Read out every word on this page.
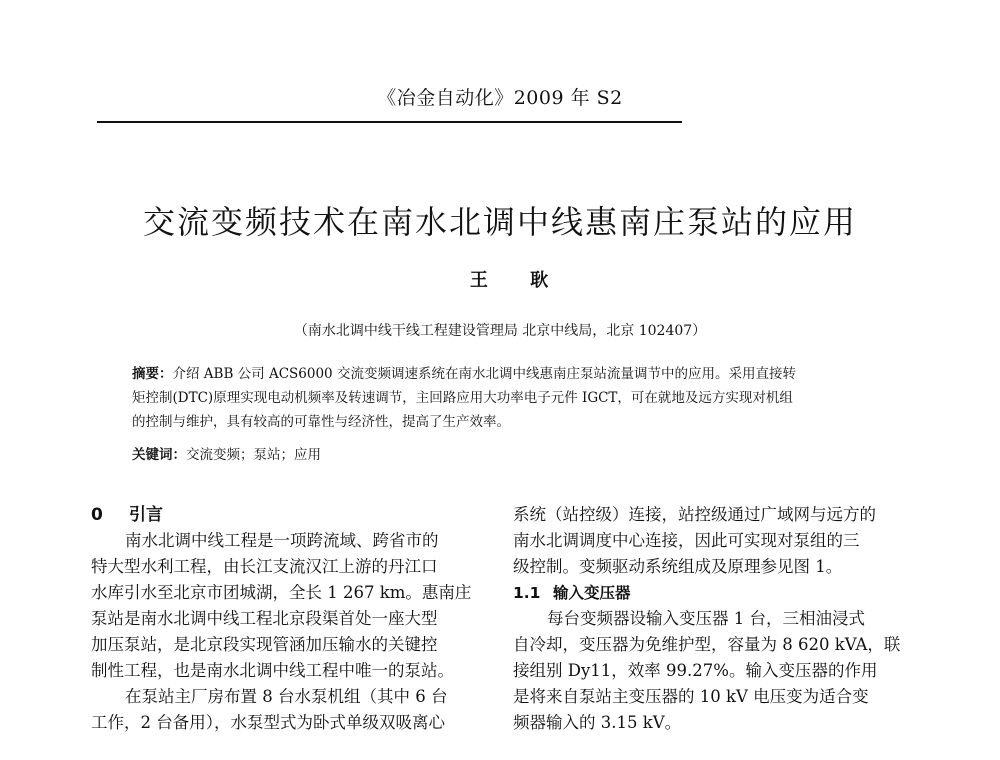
《冶金自动化》2009 年 S2
交流变频技术在南水北调中线惠南庄泵站的应用
王 耿
（南水北调中线干线工程建设管理局 北京中线局，北京 102407）
摘要：介绍 ABB 公司 ACS6000 交流变频调速系统在南水北调中线惠南庄泵站流量调节中的应用。采用直接转
矩控制(DTC)原理实现电动机频率及转速调节，主回路应用大功率电子元件 IGCT，可在就地及远方实现对机组
的控制与维护，具有较高的可靠性与经济性，提高了生产效率。
关键词：交流变频；泵站；应用
0 引言
南水北调中线工程是一项跨流域、跨省市的
特大型水利工程，由长江支流汉江上游的丹江口
水库引水至北京市团城湖，全长 1 267 km。惠南庄
泵站是南水北调中线工程北京段渠首处一座大型
加压泵站，是北京段实现管涵加压输水的关键控
制性工程，也是南水北调中线工程中唯一的泵站。
在泵站主厂房布置 8 台水泵机组（其中 6 台
工作，2 台备用），水泵型式为卧式单级双吸离心
系统（站控级）连接，站控级通过广域网与远方的
南水北调调度中心连接，因此可实现对泵组的三
级控制。变频驱动系统组成及原理参见图 1。
1.1 输入变压器
每台变频器设输入变压器 1 台，三相油浸式
自冷却，变压器为免维护型，容量为 8 620 kVA，联
接组别 Dy11，效率 99.27%。输入变压器的作用
是将来自泵站主变压器的 10 kV 电压变为适合变
频器输入的 3.15 kV。
